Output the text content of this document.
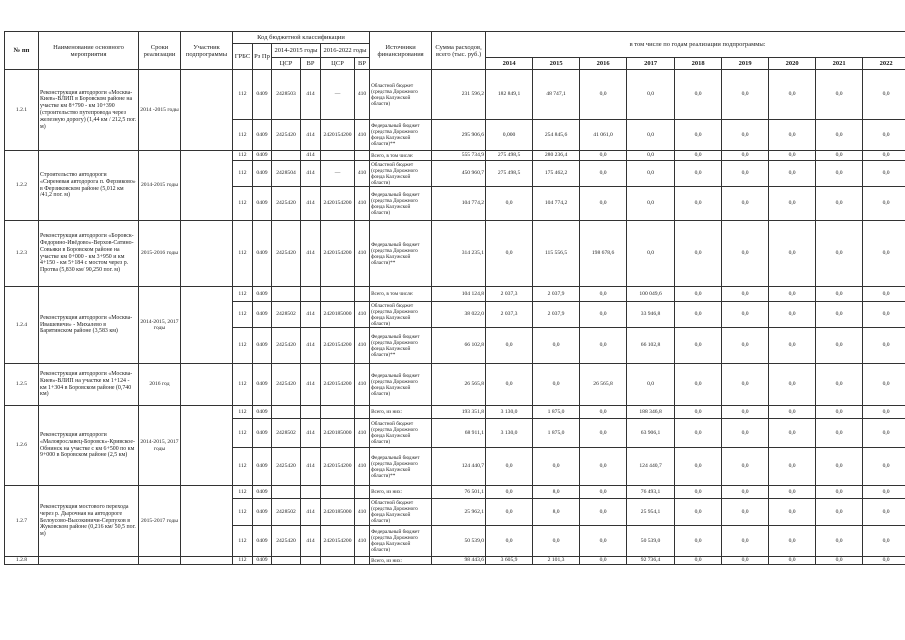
№ пп	Наименование основного мероприятия	Сроки реализации	Участник подпрограммы	Код бюджетной классификации						Источники финансирования	Сумма расходов, всего (тыс. руб.)	в том числе по годам реализации подпрограммы:								
				ГРБС	Рз Пр	2014-2015 годы		2016-2022 годы												
						ЦСР	ВР	ЦСР	ВР			2014	2015	2016	2017	2018	2019	2020	2021	2022
1.2.1	Реконструкция автодороги «Москва-Киев»-ВЛИП в Боровском районе на участке км 8+790 - км 10+390 (строительство путепровода через железную дорогу) (1,44 км / 212,5 пог. м)	2014 -2015 годы		112	0409	2428503	414	—	410	Областной бюджет (средства Дорожного фонда Калужской области)	231 596,2	182 849,1	48 747,1	0,0	0,0	0,0	0,0	0,0	0,0	0,0
				112	0409	2425420	414	2420154200	410	Федеральный бюджет (средства Дорожного фонда Калужской области)**	295 906,6	0,000	254 845,6	41 061,0	0,0	0,0	0,0	0,0	0,0	0,0
1.2.2	Строительство автодороги «Сиреневая автодорога п. Ферзиково» в Ферзиковском районе (5,012 км /41,2 пог. м)	2014-2015 годы		112	0409		414			Всего, в том числе:	555 734,9	275 498,5	280 236,4	0,0	0,0	0,0	0,0	0,0	0,0	0,0
				112	0409	2428504	414	—	410	Областной бюджет (средства Дорожного фонда Калужской области)	450 960,7	275 498,5	175 462,2	0,0	0,0	0,0	0,0	0,0	0,0	0,0
				112	0409	2425420	414	2420154200	410	Федеральный бюджет (средства Дорожного фонда Калужской области)	104 774,2	0,0	104 774,2	0,0	0,0	0,0	0,0	0,0	0,0	0,0
1.2.3	Реконструкция автодороги «Боровск-Федорино-Ивёдово»-Верхов-Сатино-Совьяки в Боровском районе на участке км 0+000 - км 3+950 и км 4+150 - км 5+184 с мостом через р. Протва (5,830 км/ 90,250 пог. м)	2015-2016 годы		112	0409	2425420	414	2420154200	410	Федеральный бюджет (средства Дорожного фонда Калужской области)**	314 235,1	0,0	115 556,5	198 678,6	0,0	0,0	0,0	0,0	0,0	0,0
1.2.4	Реконструкция автодороги «Москва-Ивашевичи» - Михалево в Барятинском районе (3,583 км)	2014-2015, 2017 годы		112	0409					Всего, в том числе:	104 124,8	2 037,3	2 037,9	0,0	100 049,6	0,0	0,0	0,0	0,0	0,0
				112	0409	2428502	414	2420185000	410	Областной бюджет (средства Дорожного фонда Калужской области)	38 022,0	2 037,3	2 037,9	0,0	33 946,8	0,0	0,0	0,0	0,0	0,0
				112	0409	2425420	414	2420154200	410	Федеральный бюджет (средства Дорожного фонда Калужской области)**	66 102,8	0,0	0,0	0,0	66 102,8	0,0	0,0	0,0	0,0	0,0
1.2.5	Реконструкция автодороги «Москва-Киев»-ВЛИП на участке км 1+124 - км 1+304 в Боровском районе (0,740 км)	2016 год		112	0409	2425420	414	2420154200	410	Федеральный бюджет (средства Дорожного фонда Калужской области)	26 565,8	0,0	0,0	26 565,8	0,0	0,0	0,0	0,0	0,0	0,0
1.2.6	Реконструкция автодороги «Малоярославец-Боровск»-Кривское-Обнинск на участке с км 6+500 по км 9+000 в Боровском районе (2,5 км)	2014-2015, 2017 годы		112	0409					Всего, из них:	193 351,8	3 130,0	1 875,0	0,0	188 346,8	0,0	0,0	0,0	0,0	0,0
				112	0409	2428502	414	2420185000	410	Областной бюджет (средства Дорожного фонда Калужской области)	68 911,1	3 130,0	1 875,0	0,0	63 906,1	0,0	0,0	0,0	0,0	0,0
				112	0409	2425420	414	2420154200	410	Федеральный бюджет (средства Дорожного фонда Калужской области)**	124 440,7	0,0	0,0	0,0	124 440,7	0,0	0,0	0,0	0,0	0,0
1.2.7	Реконструкция мостового перехода через р. Дырочная на автодороге Белоусово-Высокиничи-Серпухов в Жуковском районе (0,216 км/ 50,5 пог. м)	2015-2017 годы		112	0409					Всего, из них:	76 501,1	0,0	8,0	0,0	76 493,1	0,0	0,0	0,0	0,0	0,0
				112	0409	2428502	414	2420185000	410	Областной бюджет (средства Дорожного фонда Калужской области)	25 962,1	0,0	8,0	0,0	25 954,1	0,0	0,0	0,0	0,0	0,0
				112	0409	2425420	414	2420154200	410	Федеральный бюджет (средства Дорожного фонда Калужской области)	50 539,0	0,0	0,0	0,0	50 539,0	0,0	0,0	0,0	0,0	0,0
1.2.8				112	0409					Всего, из них:	98 443,6	3 605,9	2 101,3	0,0	92 736,4	0,0	0,0	0,0	0,0	0,0
